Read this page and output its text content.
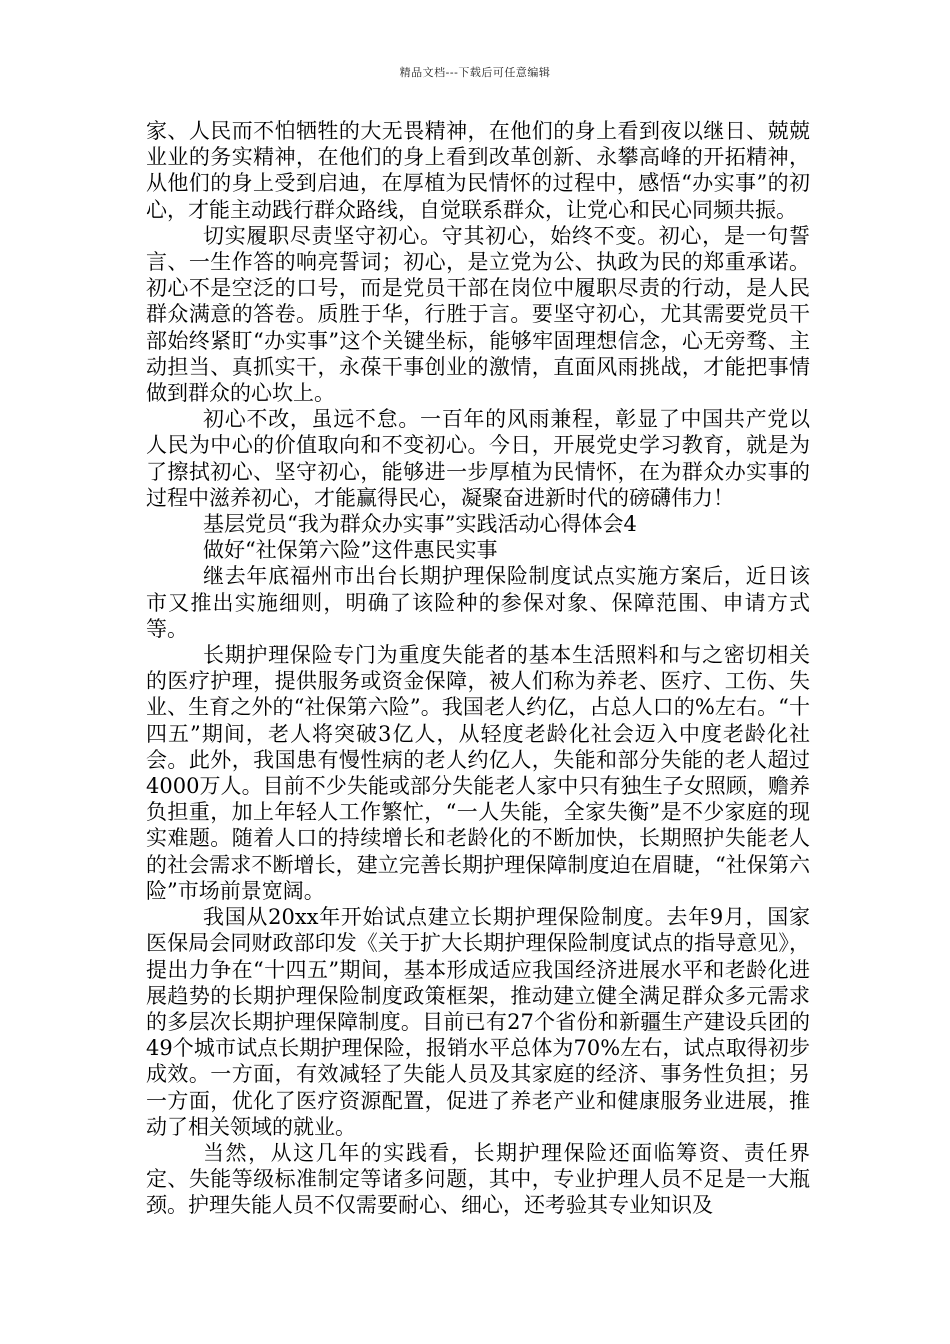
精品文档---下载后可任意编辑

家、人民而不怕牺牲的大无畏精神，在他们的身上看到夜以继日、兢兢业业的务实精神，在他们的身上看到改革创新、永攀高峰的开拓精神，从他们的身上受到启迪，在厚植为民情怀的过程中，感悟“办实事”的初心，才能主动践行群众路线，自觉联系群众，让党心和民心同频共振。

切实履职尽责坚守初心。守其初心，始终不变。初心，是一句誓言、一生作答的响亮誓词；初心，是立党为公、执政为民的郑重承诺。初心不是空泛的口号，而是党员干部在岗位中履职尽责的行动，是人民群众满意的答卷。质胜于华，行胜于言。要坚守初心，尤其需要党员干部始终紧盯“办实事”这个关键坐标，能够牢固理想信念，心无旁骛、主动担当、真抓实干，永葆干事创业的激情，直面风雨挑战，才能把事情做到群众的心坎上。

初心不改，虽远不怠。一百年的风雨兼程，彰显了中国共产党以人民为中心的价值取向和不变初心。今日，开展党史学习教育，就是为了擦拭初心、坚守初心，能够进一步厚植为民情怀，在为群众办实事的过程中滋养初心，才能赢得民心，凝聚奋进新时代的磅礴伟力！

基层党员“我为群众办实事”实践活动心得体会4

做好“社保第六险”这件惠民实事

继去年底福州市出台长期护理保险制度试点实施方案后，近日该市又推出实施细则，明确了该险种的参保对象、保障范围、申请方式等。

长期护理保险专门为重度失能者的基本生活照料和与之密切相关的医疗护理，提供服务或资金保障，被人们称为养老、医疗、工伤、失业、生育之外的“社保第六险”。我国老人约亿，占总人口的%左右。“十四五”期间，老人将突破3亿人，从轻度老龄化社会迈入中度老龄化社会。此外，我国患有慢性病的老人约亿人，失能和部分失能的老人超过4000万人。目前不少失能或部分失能老人家中只有独生子女照顾，赡养负担重，加上年轻人工作繁忙，“一人失能，全家失衡”是不少家庭的现实难题。随着人口的持续增长和老龄化的不断加快，长期照护失能老人的社会需求不断增长，建立完善长期护理保障制度迫在眉睫，“社保第六险”市场前景宽阔。

我国从20xx年开始试点建立长期护理保险制度。去年9月，国家医保局会同财政部印发《关于扩大长期护理保险制度试点的指导意见》，提出力争在“十四五”期间，基本形成适应我国经济进展水平和老龄化进展趋势的长期护理保险制度政策框架，推动建立健全满足群众多元需求的多层次长期护理保障制度。目前已有27个省份和新疆生产建设兵团的49个城市试点长期护理保险，报销水平总体为70%左右，试点取得初步成效。一方面，有效减轻了失能人员及其家庭的经济、事务性负担；另一方面，优化了医疗资源配置，促进了养老产业和健康服务业进展，推动了相关领域的就业。

当然，从这几年的实践看，长期护理保险还面临筹资、责任界定、失能等级标准制定等诸多问题，其中，专业护理人员不足是一大瓶颈。护理失能人员不仅需要耐心、细心，还考验其专业知识及
